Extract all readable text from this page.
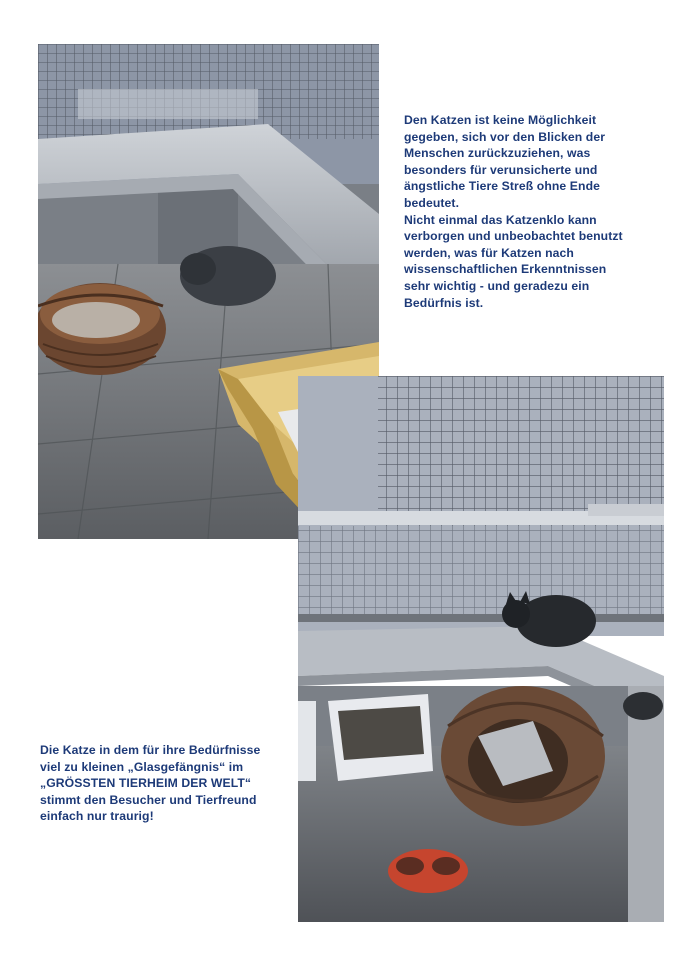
Den Katzen ist keine Möglichkeit
gegeben, sich vor den Blicken der
Menschen zurückzuziehen, was
besonders für verunsicherte und
ängstliche Tiere Streß ohne Ende
bedeutet.
Nicht einmal das Katzenklo kann
verborgen und unbeobachtet benutzt
werden, was für Katzen nach
wissenschaftlichen Erkenntnissen
sehr wichtig - und geradezu ein
Bedürfnis ist.
Die Katze in dem für ihre Bedürfnisse
viel zu kleinen „Glasgefängnis“ im
„GRÖSSTEN TIERHEIM DER WELT“
stimmt den Besucher und Tierfreund
einfach nur traurig!
